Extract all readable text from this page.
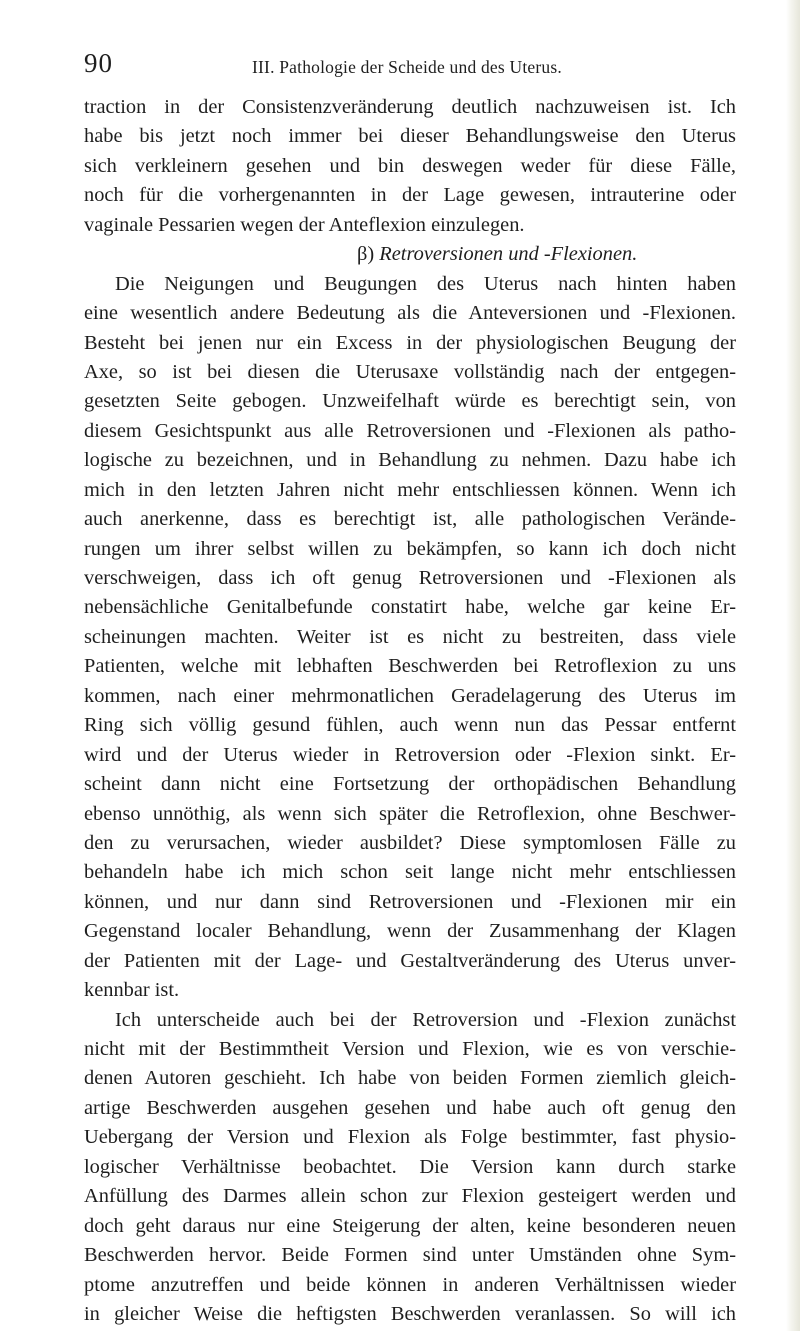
90	III. Pathologie der Scheide und des Uterus.
traction in der Consistenzveränderung deutlich nachzuweisen ist. Ich
habe bis jetzt noch immer bei dieser Behandlungsweise den Uterus
sich verkleinern gesehen und bin deswegen weder für diese Fälle,
noch für die vorhergenannten in der Lage gewesen, intrauterine oder
vaginale Pessarien wegen der Anteflexion einzulegen.
β) Retroversionen und -Flexionen.
Die Neigungen und Beugungen des Uterus nach hinten haben
eine wesentlich andere Bedeutung als die Anteversionen und -Flexionen.
Besteht bei jenen nur ein Excess in der physiologischen Beugung der
Axe, so ist bei diesen die Uterusaxe vollständig nach der entgegen-
gesetzten Seite gebogen. Unzweifelhaft würde es berechtigt sein, von
diesem Gesichtspunkt aus alle Retroversionen und -Flexionen als patho-
logische zu bezeichnen, und in Behandlung zu nehmen. Dazu habe ich
mich in den letzten Jahren nicht mehr entschliessen können. Wenn ich
auch anerkenne, dass es berechtigt ist, alle pathologischen Verände-
rungen um ihrer selbst willen zu bekämpfen, so kann ich doch nicht
verschweigen, dass ich oft genug Retroversionen und -Flexionen als
nebensächliche Genitalbefunde constatirt habe, welche gar keine Er-
scheinungen machten. Weiter ist es nicht zu bestreiten, dass viele
Patienten, welche mit lebhaften Beschwerden bei Retroflexion zu uns
kommen, nach einer mehrmonatlichen Geradelagerung des Uterus im
Ring sich völlig gesund fühlen, auch wenn nun das Pessar entfernt
wird und der Uterus wieder in Retroversion oder -Flexion sinkt. Er-
scheint dann nicht eine Fortsetzung der orthopädischen Behandlung
ebenso unnöthig, als wenn sich später die Retroflexion, ohne Beschwer-
den zu verursachen, wieder ausbildet? Diese symptomlosen Fälle zu
behandeln habe ich mich schon seit lange nicht mehr entschliessen
können, und nur dann sind Retroversionen und -Flexionen mir ein
Gegenstand localer Behandlung, wenn der Zusammenhang der Klagen
der Patienten mit der Lage- und Gestaltveränderung des Uterus unver-
kennbar ist.
Ich unterscheide auch bei der Retroversion und -Flexion zunächst
nicht mit der Bestimmtheit Version und Flexion, wie es von verschie-
denen Autoren geschieht. Ich habe von beiden Formen ziemlich gleich-
artige Beschwerden ausgehen gesehen und habe auch oft genug den
Uebergang der Version und Flexion als Folge bestimmter, fast physio-
logischer Verhältnisse beobachtet. Die Version kann durch starke
Anfüllung des Darmes allein schon zur Flexion gesteigert werden und
doch geht daraus nur eine Steigerung der alten, keine besonderen neuen
Beschwerden hervor. Beide Formen sind unter Umständen ohne Sym-
ptome anzutreffen und beide können in anderen Verhältnissen wieder
in gleicher Weise die heftigsten Beschwerden veranlassen. So will ich
